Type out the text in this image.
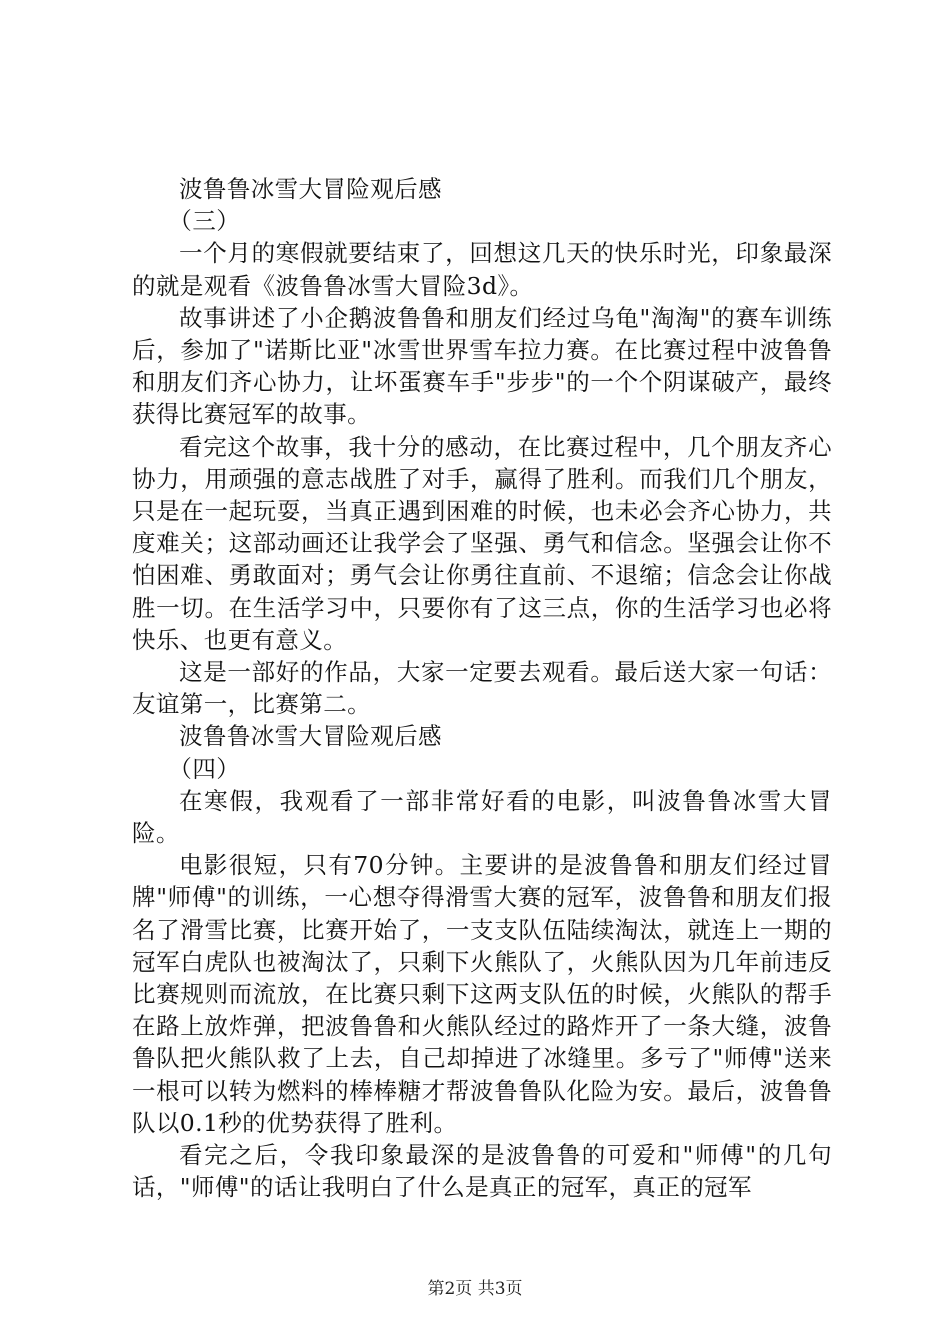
波鲁鲁冰雪大冒险观后感

（三）

一个月的寒假就要结束了，回想这几天的快乐时光，印象最深的就是观看《波鲁鲁冰雪大冒险3d》。

故事讲述了小企鹅波鲁鲁和朋友们经过乌龟"淘淘"的赛车训练后，参加了"诺斯比亚"冰雪世界雪车拉力赛。在比赛过程中波鲁鲁和朋友们齐心协力，让坏蛋赛车手"步步"的一个个阴谋破产，最终获得比赛冠军的故事。

看完这个故事，我十分的感动，在比赛过程中，几个朋友齐心协力，用顽强的意志战胜了对手，赢得了胜利。而我们几个朋友，只是在一起玩耍，当真正遇到困难的时候，也未必会齐心协力，共度难关；这部动画还让我学会了坚强、勇气和信念。坚强会让你不怕困难、勇敢面对；勇气会让你勇往直前、不退缩；信念会让你战胜一切。在生活学习中，只要你有了这三点，你的生活学习也必将快乐、也更有意义。

这是一部好的作品，大家一定要去观看。最后送大家一句话：友谊第一，比赛第二。

波鲁鲁冰雪大冒险观后感

（四）

在寒假，我观看了一部非常好看的电影，叫波鲁鲁冰雪大冒险。

电影很短，只有70分钟。主要讲的是波鲁鲁和朋友们经过冒牌"师傅"的训练，一心想夺得滑雪大赛的冠军，波鲁鲁和朋友们报名了滑雪比赛，比赛开始了，一支支队伍陆续淘汰，就连上一期的冠军白虎队也被淘汰了，只剩下火熊队了，火熊队因为几年前违反比赛规则而流放，在比赛只剩下这两支队伍的时候，火熊队的帮手在路上放炸弹，把波鲁鲁和火熊队经过的路炸开了一条大缝，波鲁鲁队把火熊队救了上去，自己却掉进了冰缝里。多亏了"师傅"送来一根可以转为燃料的棒棒糖才帮波鲁鲁队化险为安。最后，波鲁鲁队以0.1秒的优势获得了胜利。

看完之后，令我印象最深的是波鲁鲁的可爱和"师傅"的几句话，"师傅"的话让我明白了什么是真正的冠军，真正的冠军

第2页 共3页
